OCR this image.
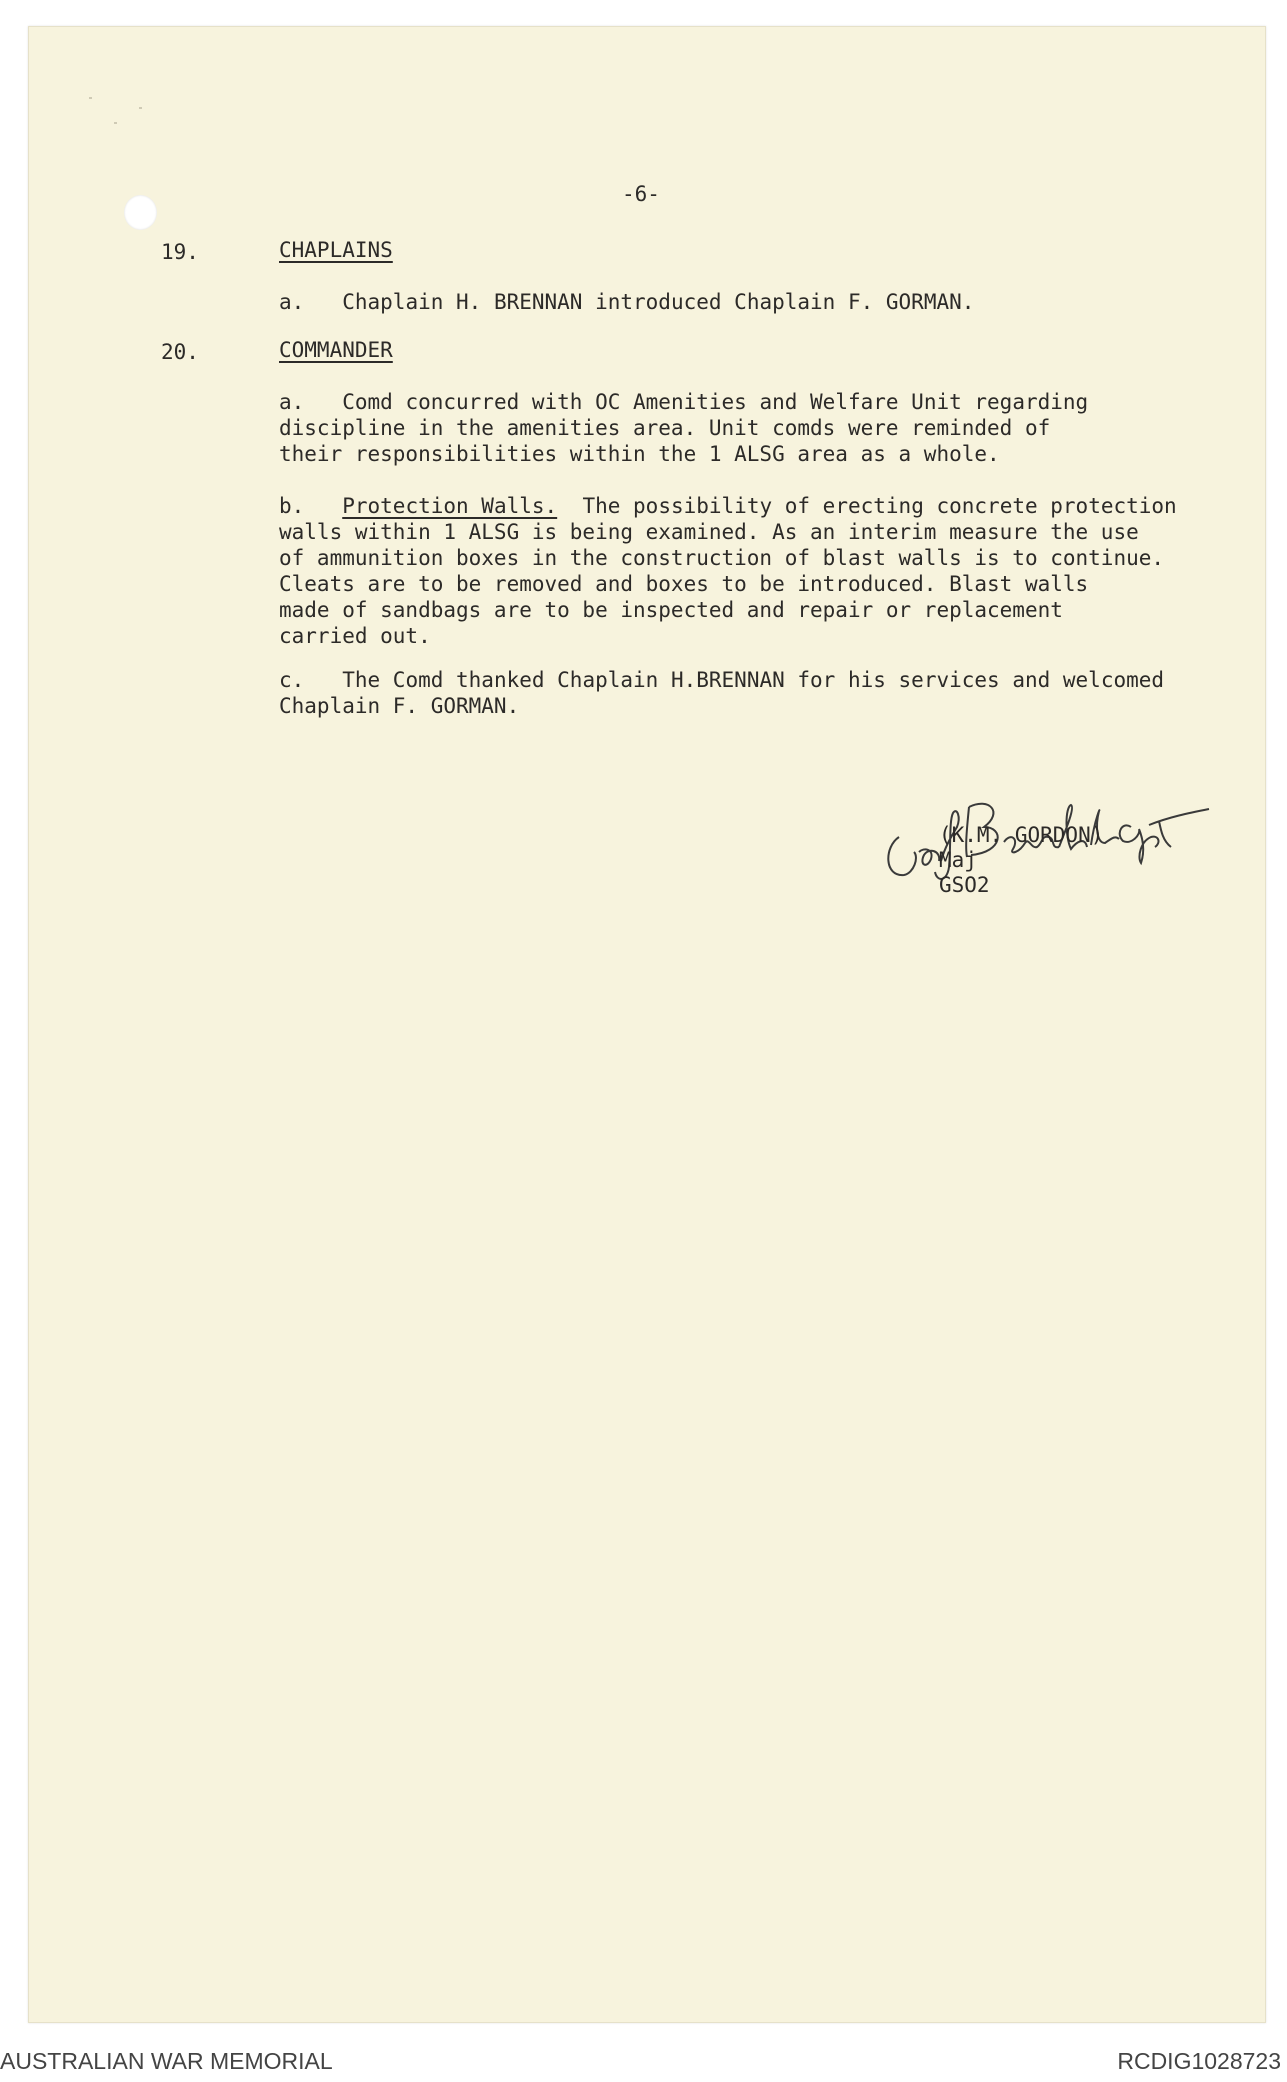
-6-
19.	CHAPLAINS
a. Chaplain H. BRENNAN introduced Chaplain F. GORMAN.
20.	COMMANDER
a. Comd concurred with OC Amenities and Welfare Unit regarding
discipline in the amenities area. Unit comds were reminded of
their responsibilities within the 1 ALSG area as a whole.
b. Protection Walls. The possibility of erecting concrete protection
walls within 1 ALSG is being examined. As an interim measure the use
of ammunition boxes in the construction of blast walls is to continue.
Cleats are to be removed and boxes to be introduced. Blast walls
made of sandbags are to be inspected and repair or replacement
carried out.
c. The Comd thanked Chaplain H.BRENNAN for his services and welcomed
Chaplain F. GORMAN.
(K.M. GORDON)
Maj
GSO2
AUSTRALIAN WAR MEMORIAL	RCDIG1028723
